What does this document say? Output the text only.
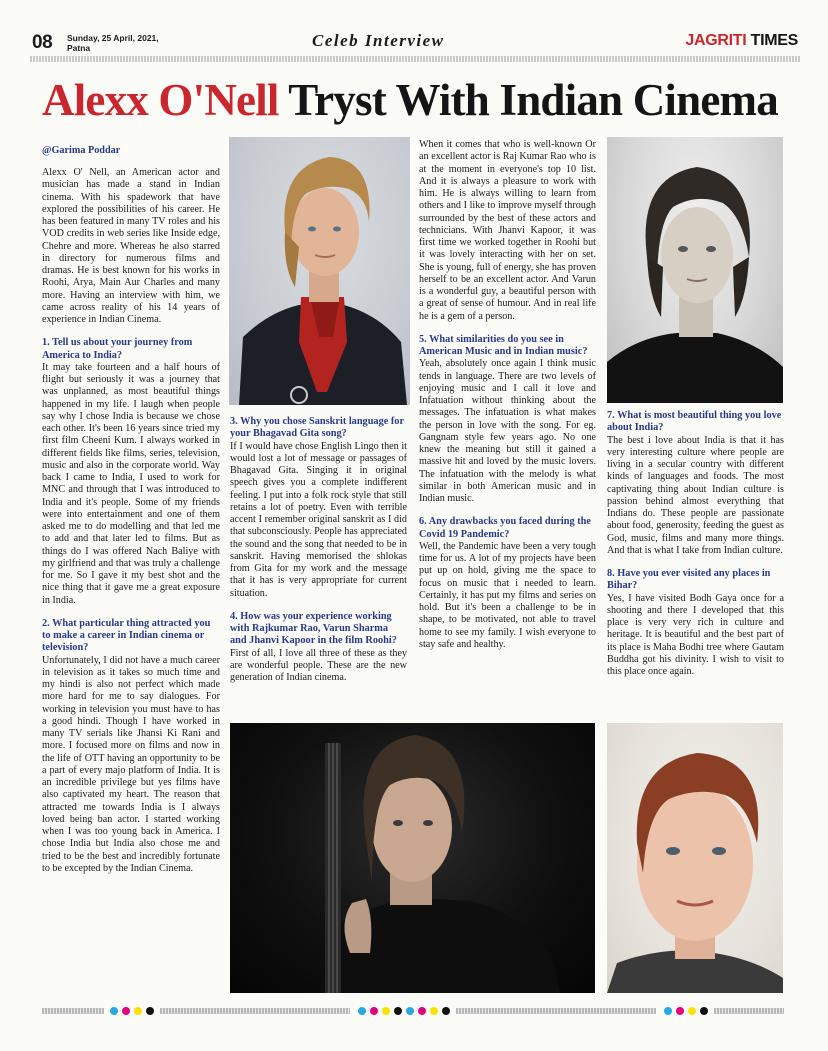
08 Sunday, 25 April, 2021,
Patna	Celeb Interview	JAGRITI TIMES
Alexx O'Nell Tryst With Indian Cinema
@Garima Poddar
Alexx O' Nell, an American actor and musician has made a stand in Indian cinema. With his spadework that have explored the possibilities of his career. He has been featured in many TV roles and his VOD credits in web series like Inside edge, Chehre and more. Whereas he also starred in directory for numerous films and dramas. He is best known for his works in Roohi, Arya, Main Aur Charles and many more. Having an interview with him, we came across reality of his 14 years of experience in Indian Cinema.
1. Tell us about your journey from America to India?
It may take fourteen and a half hours of flight but seriously it was a journey that was unplanned, as most beautiful things happened in my life. I laugh when people say why I chose India is because we chose each other. It's been 16 years since tried my first film Cheeni Kum. I always worked in different fields like films, series, television, music and also in the corporate world. Way back I came to India, I used to work for MNC and through that I was introduced to India and it's people. Some of my friends were into entertainment and one of them asked me to do modelling and that led me to add and that later led to films. But as things do I was offered Nach Baliye with my girlfriend and that was truly a challenge for me. So I gave it my best shot and the nice thing that it gave me a great exposure in India.
2. What particular thing attracted you to make a career in Indian cinema or television?
Unfortunately, I did not have a much career in television as it takes so much time and my hindi is also not perfect which made more hard for me to say dialogues. For working in television you must have to has a good hindi. Though I have worked in many TV serials like Jhansi Ki Rani and more. I focused more on films and now in the life of OTT having an opportunity to be a part of every majo platform of India. It is an incredible privilege but yes films have also captivated my heart. The reason that attracted me towards India is I always loved being ban actor. I started working when I was too young back in America. I chose India but India also chose me and tried to be the best and incredibly fortunate to be excepted by the Indian Cinema.
3. Why you chose Sanskrit language for your Bhagavad Gita song?
If I would have chose English Lingo then it would lost a lot of message or passages of Bhagavad Gita. Singing it in original speech gives you a complete indifferent feeling. I put into a folk rock style that still retains a lot of poetry. Even with terrible accent I remember original sanskrit as I did that subconsciously. People has appreciated the sound and the song that needed to be in sanskrit. Having memorised the shlokas from Gita for my work and the message that it has is very appropriate for current situation.
4. How was your experience working with Rajkumar Rao, Varun Sharma and Jhanvi Kapoor in the film Roohi?
First of all, I love all three of these as they are wonderful people. These are the new generation of Indian cinema.
When it comes that who is well-known Or an excellent actor is Raj Kumar Rao who is at the moment in everyone's top 10 list. And it is always a pleasure to work with him. He is always willing to learn from others and I like to improve myself through surrounded by the best of these actors and technicians. With Jhanvi Kapoor, it was first time we worked together in Roohi but it was lovely interacting with her on set. She is young, full of energy, she has proven herself to be an excellent actor. And Varun is a wonderful guy, a beautiful person with a great of sense of humour. And in real life he is a gem of a person.
5. What similarities do you see in American Music and in Indian music?
Yeah, absolutely once again I think music tends in language. There are two levels of enjoying music and I call it love and Infatuation without thinking about the messages. The infatuation is what makes the person in love with the song. For eg. Gangnam style few years ago. No one knew the meaning but still it gained a massive hit and loved by the music lovers. The infatuation with the melody is what similar in both American music and in Indian music.
6. Any drawbacks you faced during the Covid 19 Pandemic?
Well, the Pandemic have been a very tough time for us. A lot of my projects have been put up on hold, giving me the space to focus on music that i needed to learn. Certainly, it has put my films and series on hold. But it's been a challenge to be in shape, to be motivated, not able to travel home to see my family. I wish everyone to stay safe and healthy.
7. What is most beautiful thing you love about India?
The best i love about India is that it has very interesting culture where people are living in a secular country with different kinds of languages and foods. The most captivating thing about Indian culture is passion behind almost everything that Indians do. These people are passionate about food, generosity, feeding the guest as God, music, films and many more things. And that is what I take from Indian culture.
8. Have you ever visited any places in Bihar?
Yes, I have visited Bodh Gaya once for a shooting and there I developed that this place is very very rich in culture and heritage. It is beautiful and the best part of its place is Maha Bodhi tree where Gautam Buddha got his divinity. I wish to visit to this place once again.
